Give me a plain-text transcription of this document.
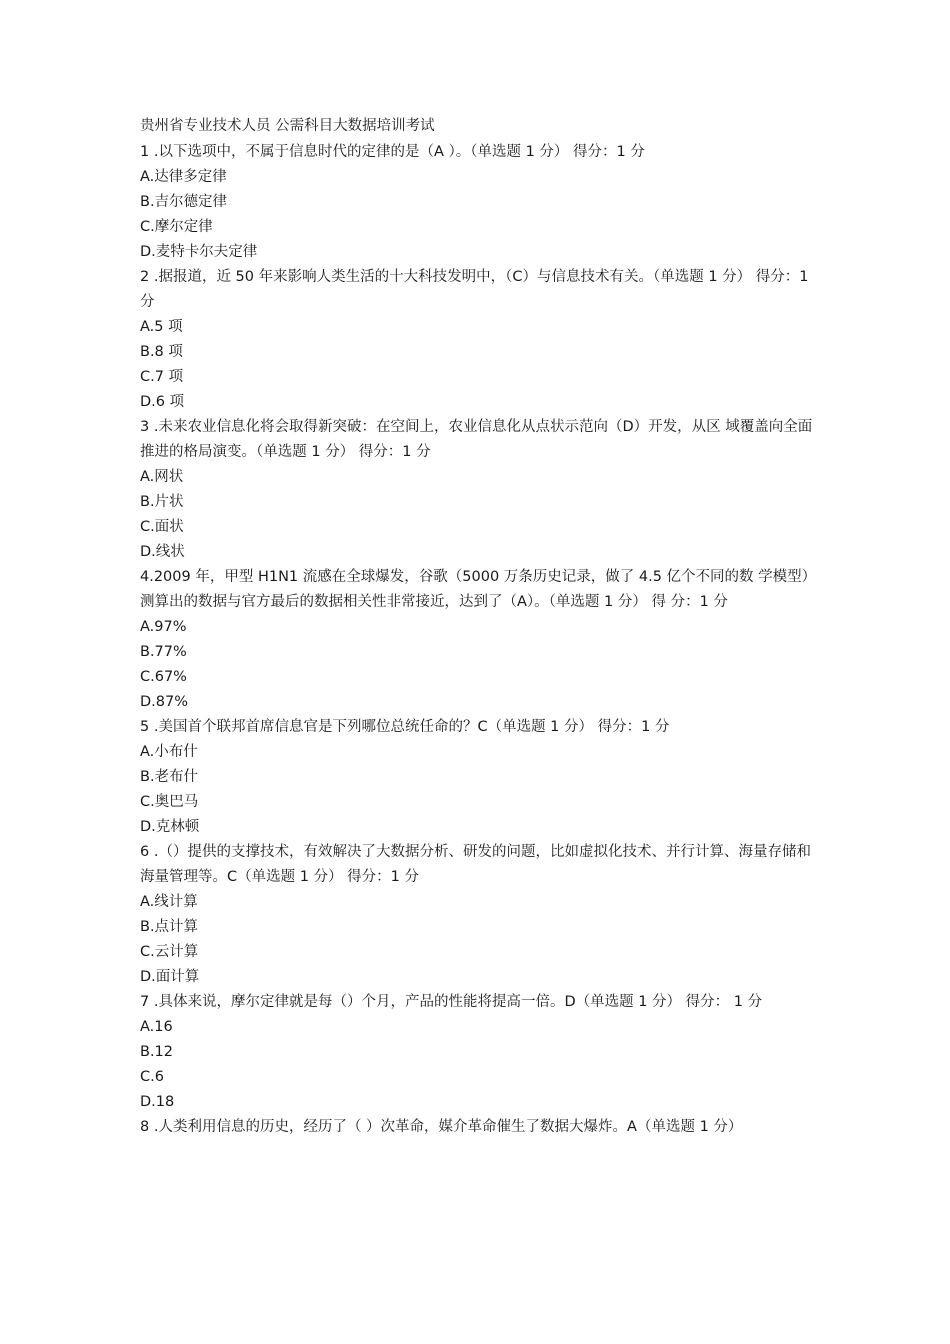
贵州省专业技术人员 公需科目大数据培训考试
1 .以下选项中，不属于信息时代的定律的是（A ）。（单选题 1 分） 得分：1 分
A.达律多定律
B.吉尔德定律
C.摩尔定律
D.麦特卡尔夫定律
2 .据报道，近 50 年来影响人类生活的十大科技发明中，（C）与信息技术有关。（单选题 1 分） 得分：1 分
A.5 项
B.8 项
C.7 项
D.6 项
3 .未来农业信息化将会取得新突破：在空间上，农业信息化从点状示范向（D）开发，从区 域覆盖向全面推进的格局演变。（单选题 1 分） 得分：1 分
A.网状
B.片状
C.面状
D.线状
4.2009 年，甲型 H1N1 流感在全球爆发，谷歌（5000 万条历史记录，做了 4.5 亿个不同的数 学模型）测算出的数据与官方最后的数据相关性非常接近，达到了（A）。（单选题 1 分） 得 分：1 分
A.97%
B.77%
C.67%
D.87%
5 .美国首个联邦首席信息官是下列哪位总统任命的？C（单选题 1 分） 得分：1 分
A.小布什
B.老布什
C.奥巴马
D.克林顿
6 .（）提供的支撑技术，有效解决了大数据分析、研发的问题，比如虚拟化技术、并行计算、海量存储和海量管理等。C（单选题 1 分） 得分：1 分
A.线计算
B.点计算
C.云计算
D.面计算
7 .具体来说，摩尔定律就是每（）个月，产品的性能将提高一倍。D（单选题 1 分） 得分： 1 分
A.16
B.12
C.6
D.18
8 .人类利用信息的历史，经历了（ ）次革命，媒介革命催生了数据大爆炸。A（单选题 1 分）
